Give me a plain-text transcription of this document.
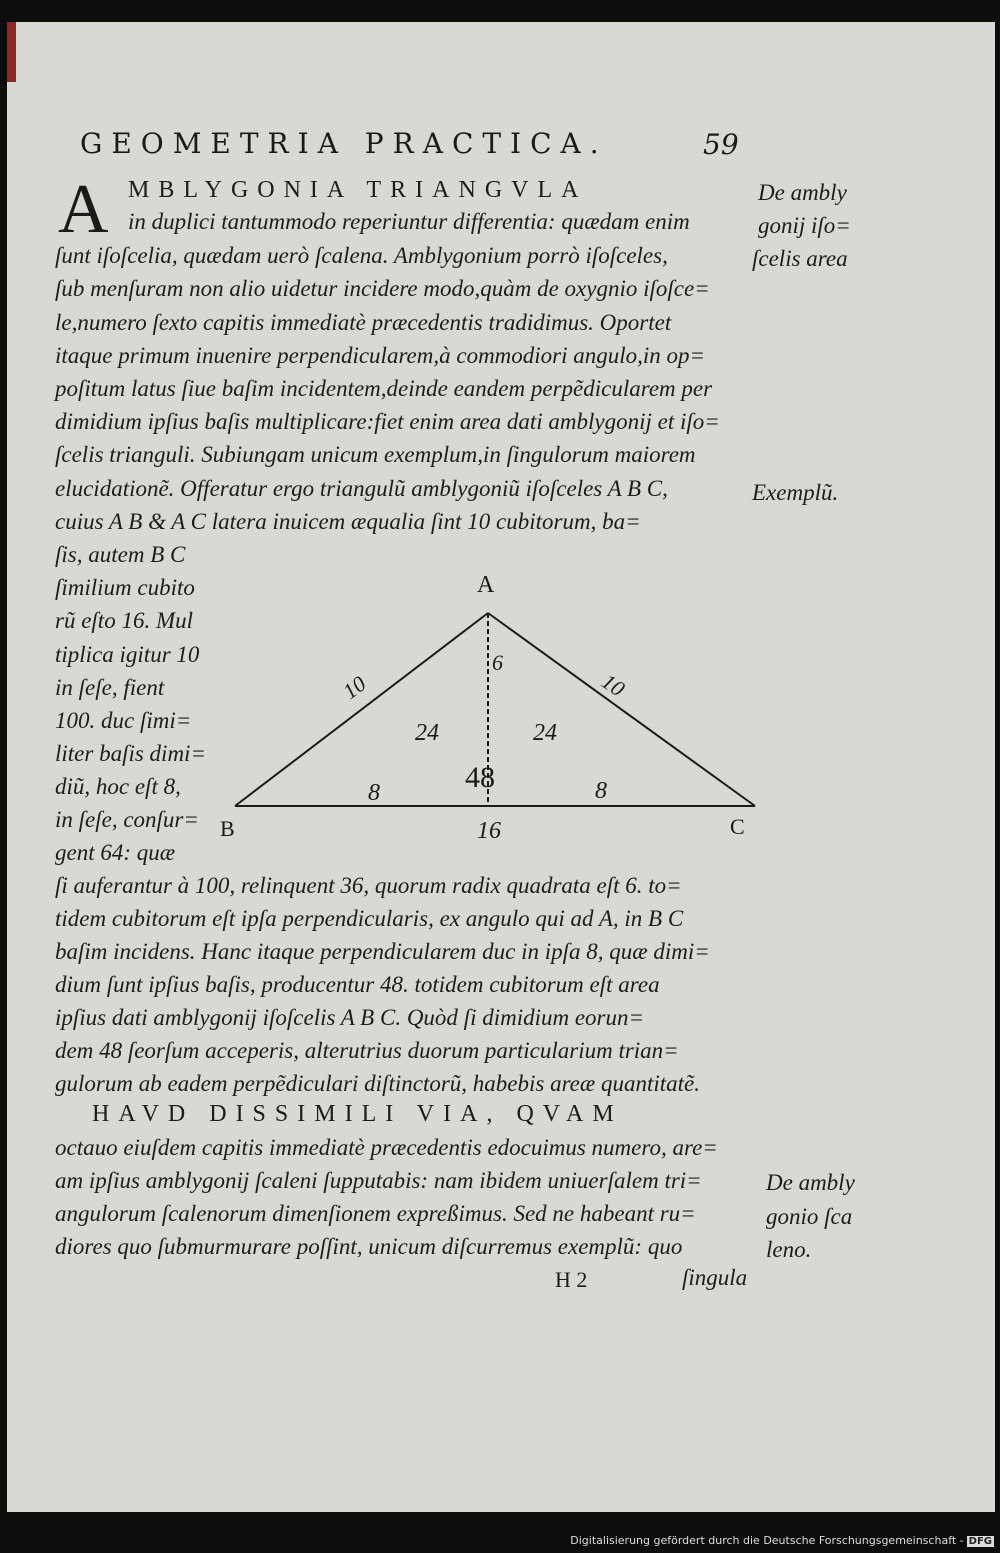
GEOMETRIA PRACTICA.	59
A MBLYGONIA TRIANGVLA
in duplici tantummodo reperiuntur differentia: quædam enim
ſunt iſoſcelia, quædam uerò ſcalena. Amblygonium porrò iſoſceles,
ſub menſuram non alio uidetur incidere modo,quàm de oxygnio iſoſce=
le,numero ſexto capitis immediatè præcedentis tradidimus. Oportet
itaque primum inuenire perpendicularem,à commodiori angulo,in op=
poſitum latus ſiue baſim incidentem,deinde eandem perpẽdicularem per
dimidium ipſius baſis multiplicare:fiet enim area dati amblygonij et iſo=
ſcelis trianguli. Subiungam unicum exemplum,in ſingulorum maiorem
elucidationẽ. Offeratur ergo triangulũ amblygoniũ iſoſceles A B C,
cuius A B & A C latera inuicem æqualia ſint 10 cubitorum, ba=
ſis, autem B C
ſimilium cubito
rũ eſto 16. Mul
tiplica igitur 10
in ſeſe, fient
100. duc ſimi=
liter baſis dimi=
diũ, hoc eſt 8,
in ſeſe, conſur=
gent 64: quæ
ſi auferantur à 100, relinquent 36, quorum radix quadrata eſt 6. to=
tidem cubitorum eſt ipſa perpendicularis, ex angulo qui ad A, in B C
baſim incidens. Hanc itaque perpendicularem duc in ipſa 8, quæ dimi=
dium ſunt ipſius baſis, producentur 48. totidem cubitorum eſt area
ipſius dati amblygonij iſoſcelis A B C. Quòd ſi dimidium eorun=
dem 48 ſeorſum acceperis, alterutrius duorum particularium trian=
gulorum ab eadem perpẽdiculari diſtinctorũ, habebis areæ quantitatẽ.
HAVD DISSIMILI VIA, QVAM
octauo eiuſdem capitis immediatè præcedentis edocuimus numero, are=
am ipſius amblygonij ſcaleni ſupputabis: nam ibidem uniuerſalem tri=
angulorum ſcalenorum dimenſionem expreßimus. Sed ne habeant ru=
diores quo ſubmurmurare poſſint, unicum diſcurremus exemplũ: quo
De ambly
gonij iſo=
ſcelis area
Exemplũ.
De ambly
gonio ſca
leno.
H 2	ſingula
A
B	C
10	10
6
24	24
48
8	8
16
Digitalisierung gefördert durch die Deutsche Forschungsgemeinschaft - DFG
